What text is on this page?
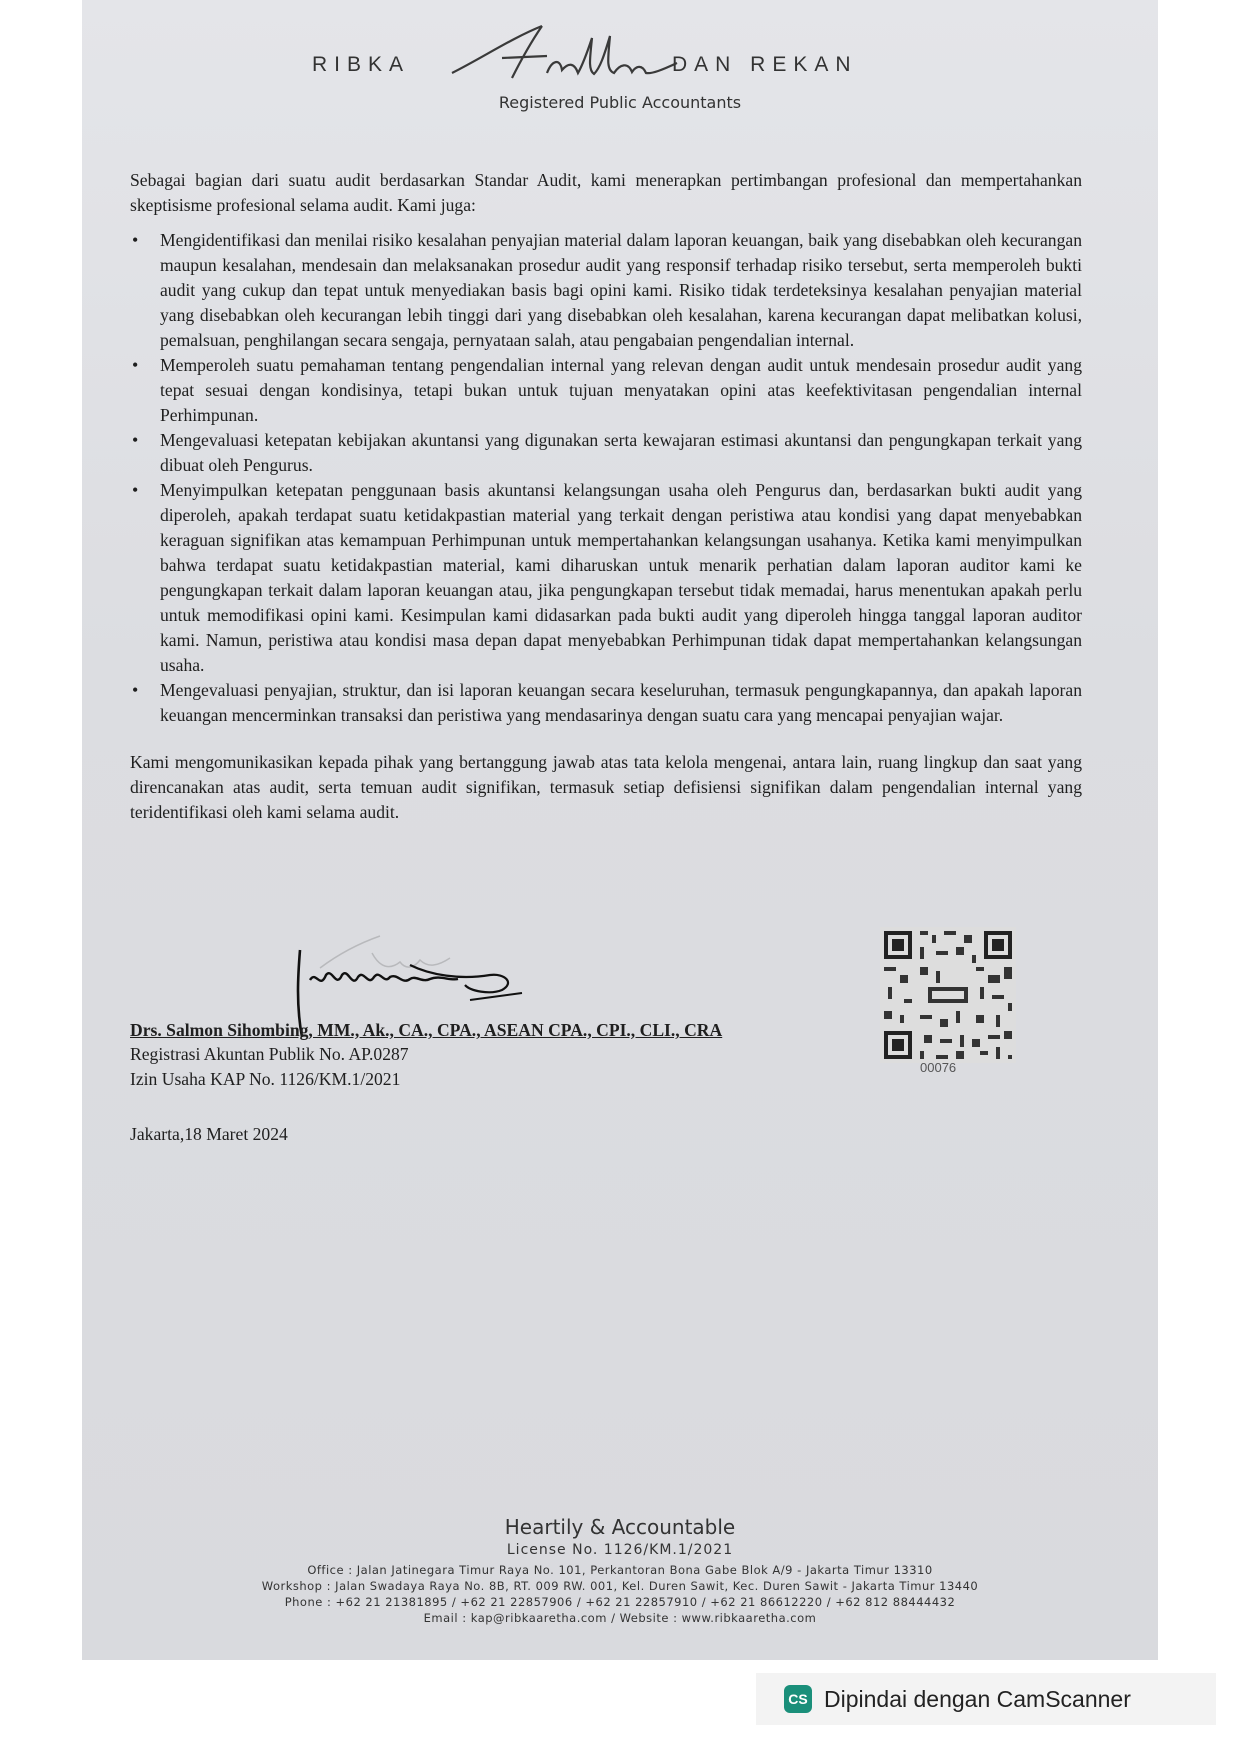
RIBKA	DAN REKAN
Registered Public Accountants

Sebagai bagian dari suatu audit berdasarkan Standar Audit, kami menerapkan pertimbangan profesional dan mempertahankan skeptisisme profesional selama audit. Kami juga:

• Mengidentifikasi dan menilai risiko kesalahan penyajian material dalam laporan keuangan, baik yang disebabkan oleh kecurangan maupun kesalahan, mendesain dan melaksanakan prosedur audit yang responsif terhadap risiko tersebut, serta memperoleh bukti audit yang cukup dan tepat untuk menyediakan basis bagi opini kami. Risiko tidak terdeteksinya kesalahan penyajian material yang disebabkan oleh kecurangan lebih tinggi dari yang disebabkan oleh kesalahan, karena kecurangan dapat melibatkan kolusi, pemalsuan, penghilangan secara sengaja, pernyataan salah, atau pengabaian pengendalian internal.
• Memperoleh suatu pemahaman tentang pengendalian internal yang relevan dengan audit untuk mendesain prosedur audit yang tepat sesuai dengan kondisinya, tetapi bukan untuk tujuan menyatakan opini atas keefektivitasan pengendalian internal Perhimpunan.
• Mengevaluasi ketepatan kebijakan akuntansi yang digunakan serta kewajaran estimasi akuntansi dan pengungkapan terkait yang dibuat oleh Pengurus.
• Menyimpulkan ketepatan penggunaan basis akuntansi kelangsungan usaha oleh Pengurus dan, berdasarkan bukti audit yang diperoleh, apakah terdapat suatu ketidakpastian material yang terkait dengan peristiwa atau kondisi yang dapat menyebabkan keraguan signifikan atas kemampuan Perhimpunan untuk mempertahankan kelangsungan usahanya. Ketika kami menyimpulkan bahwa terdapat suatu ketidakpastian material, kami diharuskan untuk menarik perhatian dalam laporan auditor kami ke pengungkapan terkait dalam laporan keuangan atau, jika pengungkapan tersebut tidak memadai, harus menentukan apakah perlu untuk memodifikasi opini kami. Kesimpulan kami didasarkan pada bukti audit yang diperoleh hingga tanggal laporan auditor kami. Namun, peristiwa atau kondisi masa depan dapat menyebabkan Perhimpunan tidak dapat mempertahankan kelangsungan usaha.
• Mengevaluasi penyajian, struktur, dan isi laporan keuangan secara keseluruhan, termasuk pengungkapannya, dan apakah laporan keuangan mencerminkan transaksi dan peristiwa yang mendasarinya dengan suatu cara yang mencapai penyajian wajar.

Kami mengomunikasikan kepada pihak yang bertanggung jawab atas tata kelola mengenai, antara lain, ruang lingkup dan saat yang direncanakan atas audit, serta temuan audit signifikan, termasuk setiap defisiensi signifikan dalam pengendalian internal yang teridentifikasi oleh kami selama audit.

Drs. Salmon Sihombing, MM., Ak., CA., CPA., ASEAN CPA., CPI., CLI., CRA
Registrasi Akuntan Publik No. AP.0287
Izin Usaha KAP No. 1126/KM.1/2021
Jakarta,18 Maret 2024
00076
Heartily & Accountable
License No. 1126/KM.1/2021
Office : Jalan Jatinegara Timur Raya No. 101, Perkantoran Bona Gabe Blok A/9 - Jakarta Timur 13310
Workshop : Jalan Swadaya Raya No. 8B, RT. 009 RW. 001, Kel. Duren Sawit, Kec. Duren Sawit - Jakarta Timur 13440
Phone : +62 21 21381895 / +62 21 22857906 / +62 21 22857910 / +62 21 86612220 / +62 812 88444432
Email : kap@ribkaaretha.com / Website : www.ribkaaretha.com
CS Dipindai dengan CamScanner
